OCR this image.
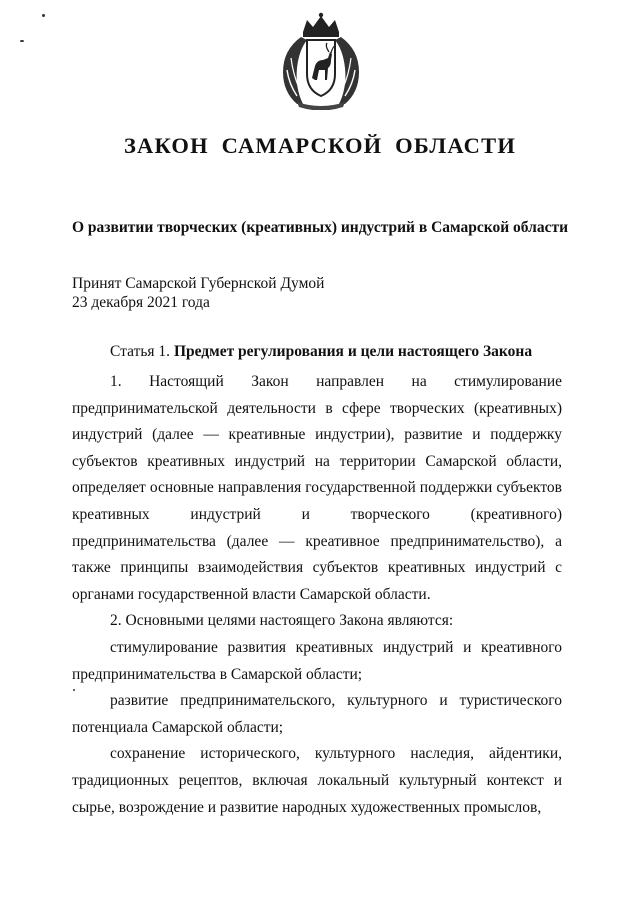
ЗАКОН САМАРСКОЙ ОБЛАСТИ
О развитии творческих (креативных) индустрий в Самарской области
Принят Самарской Губернской Думой
23 декабря 2021 года
Статья 1. Предмет регулирования и цели настоящего Закона

1. Настоящий Закон направлен на стимулирование предпринимательской деятельности в сфере творческих (креативных) индустрий (далее — креативные индустрии), развитие и поддержку субъектов креативных индустрий на территории Самарской области, определяет основные направления государственной поддержки субъектов креативных индустрий и творческого (креативного) предпринимательства (далее — креативное предпринимательство), а также принципы взаимодействия субъектов креативных индустрий с органами государственной власти Самарской области.

2. Основными целями настоящего Закона являются:

стимулирование развития креативных индустрий и креативного предпринимательства в Самарской области;

развитие предпринимательского, культурного и туристического потенциала Самарской области;

сохранение исторического, культурного наследия, айдентики, традиционных рецептов, включая локальный культурный контекст и сырье, возрождение и развитие народных художественных промыслов,
